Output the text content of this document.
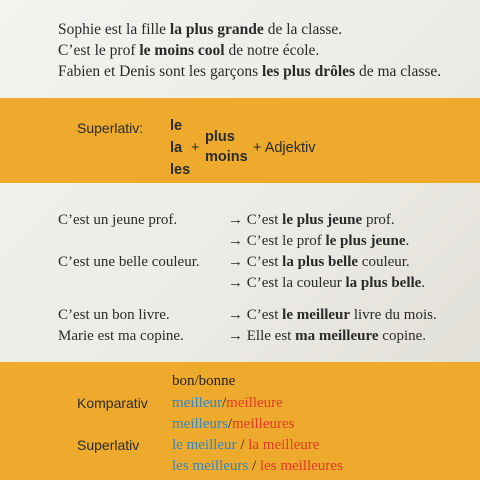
Sophie est la fille la plus grande de la classe.
C’est le prof le moins cool de notre école.
Fabien et Denis sont les garçons les plus drôles de ma classe.
Superlativ: le
la
les
+
plus
moins
+ Adjektiv
C’est un jeune prof.	→ C’est le plus jeune prof.
→ C’est le prof le plus jeune.
C’est une belle couleur. → C’est la plus belle couleur.
→ C’est la couleur la plus belle.
C’est un bon livre.	→ C’est le meilleur livre du mois.
Marie est ma copine.	→ Elle est ma meilleure copine.
bon/bonne
Komparativ meilleur/meilleure
meilleurs/meilleures
Superlativ le meilleur / la meilleure
les meilleurs / les meilleures
